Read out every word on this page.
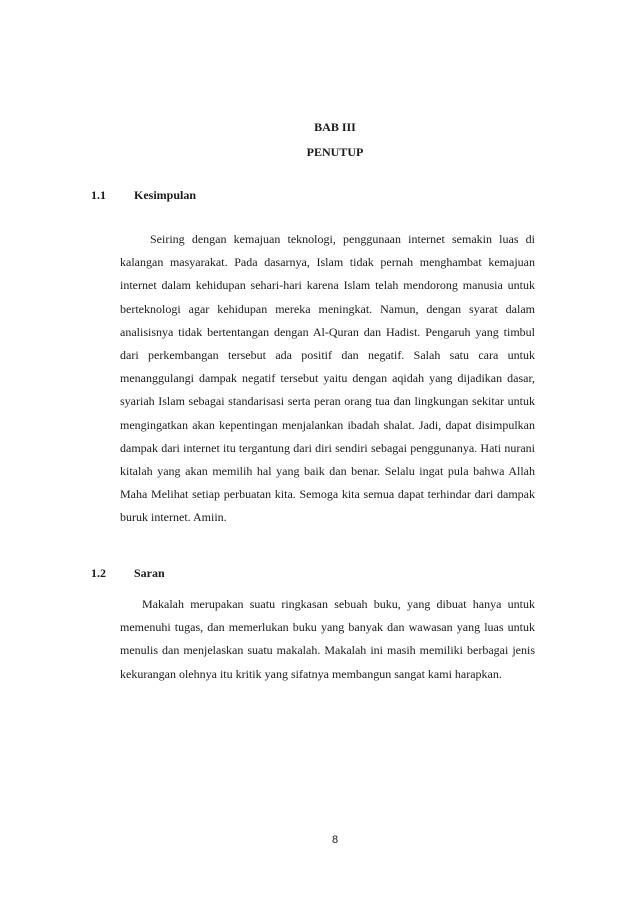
BAB III
PENUTUP
1.1 Kesimpulan

Seiring dengan kemajuan teknologi, penggunaan internet semakin luas di kalangan masyarakat. Pada dasarnya, Islam tidak pernah menghambat kemajuan internet dalam kehidupan sehari-hari karena Islam telah mendorong manusia untuk berteknologi agar kehidupan mereka meningkat. Namun, dengan syarat dalam analisisnya tidak bertentangan dengan Al-Quran dan Hadist. Pengaruh yang timbul dari perkembangan tersebut ada positif dan negatif. Salah satu cara untuk menanggulangi dampak negatif tersebut yaitu dengan aqidah yang dijadikan dasar, syariah Islam sebagai standarisasi serta peran orang tua dan lingkungan sekitar untuk mengingatkan akan kepentingan menjalankan ibadah shalat. Jadi, dapat disimpulkan dampak dari internet itu tergantung dari diri sendiri sebagai penggunanya. Hati nurani kitalah yang akan memilih hal yang baik dan benar. Selalu ingat pula bahwa Allah Maha Melihat setiap perbuatan kita. Semoga kita semua dapat terhindar dari dampak buruk internet. Amiin.

1.2 Saran

Makalah merupakan suatu ringkasan sebuah buku, yang dibuat hanya untuk memenuhi tugas, dan memerlukan buku yang banyak dan wawasan yang luas untuk menulis dan menjelaskan suatu makalah. Makalah ini masih memiliki berbagai jenis kekurangan olehnya itu kritik yang sifatnya membangun sangat kami harapkan.

8
